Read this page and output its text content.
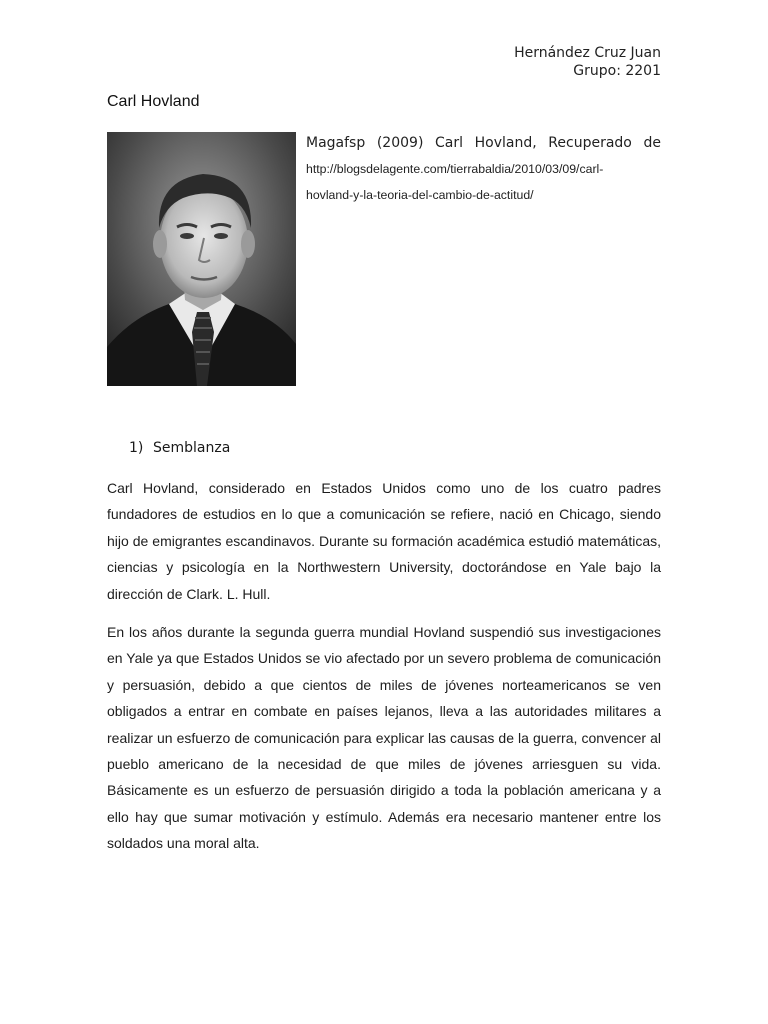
Hernández Cruz Juan
Grupo: 2201
Carl Hovland
Magafsp (2009) Carl Hovland, Recuperado de
http://blogsdelagente.com/tierrabaldia/2010/03/09/carl-
hovland-y-la-teoria-del-cambio-de-actitud/
1) Semblanza
Carl Hovland, considerado en Estados Unidos como uno de los cuatro padres fundadores de estudios en lo que a comunicación se refiere, nació en Chicago, siendo hijo de emigrantes escandinavos. Durante su formación académica estudió matemáticas, ciencias y psicología en la Northwestern University, doctorándose en Yale bajo la dirección de Clark. L. Hull.
En los años durante la segunda guerra mundial Hovland suspendió sus investigaciones en Yale ya que Estados Unidos se vio afectado por un severo problema de comunicación y persuasión, debido a que cientos de miles de jóvenes norteamericanos se ven obligados a entrar en combate en países lejanos, lleva a las autoridades militares a realizar un esfuerzo de comunicación para explicar las causas de la guerra, convencer al pueblo americano de la necesidad de que miles de jóvenes arriesguen su vida. Básicamente es un esfuerzo de persuasión dirigido a toda la población americana y a ello hay que sumar motivación y estímulo. Además era necesario mantener entre los soldados una moral alta.
